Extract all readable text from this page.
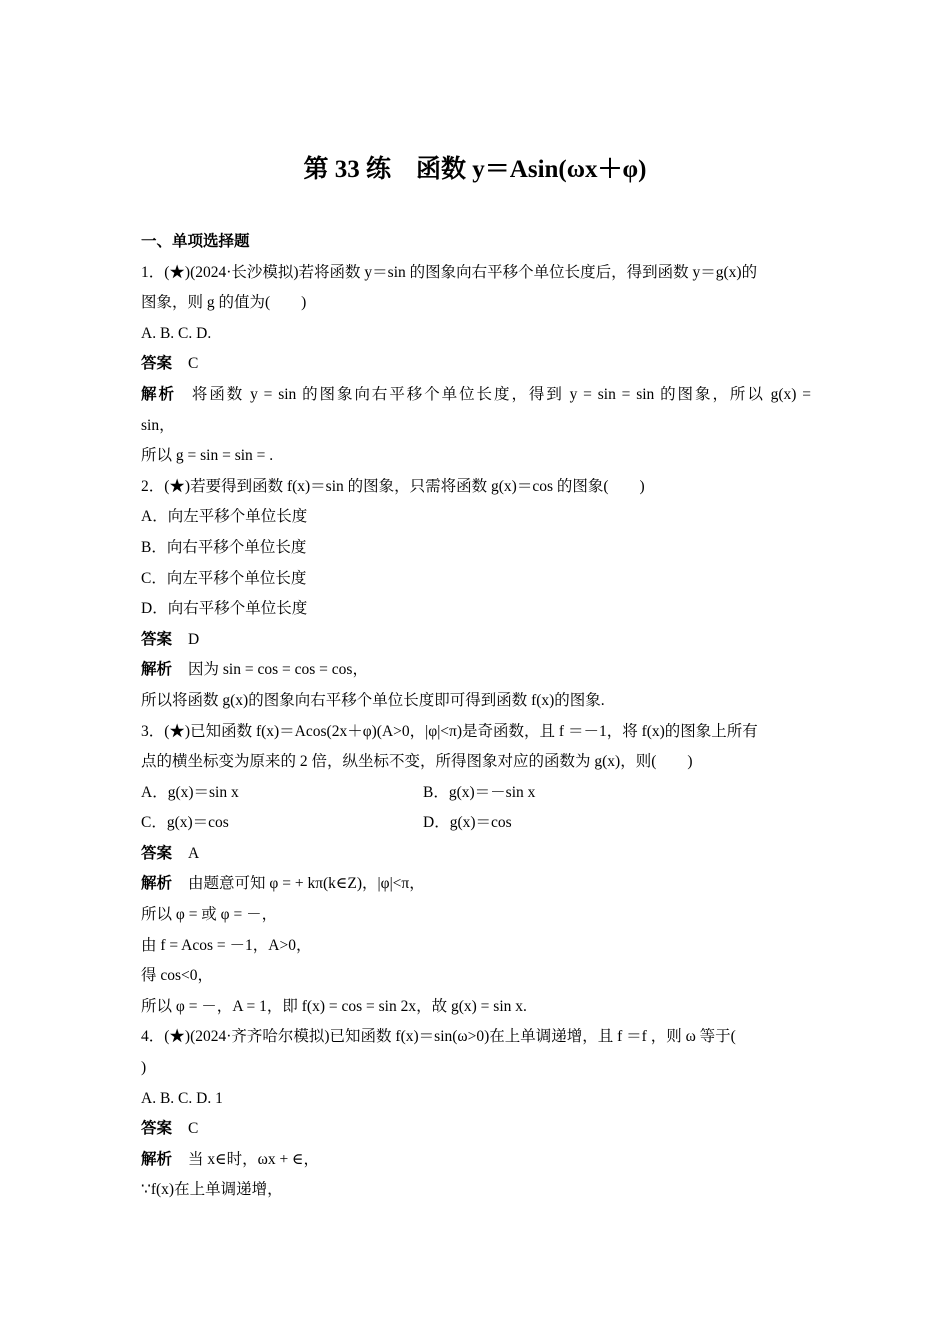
第 33 练　函数 y＝Asin(ωx＋φ)
一、单项选择题
1．(★)(2024·长沙模拟)若将函数 y＝sin 的图象向右平移个单位长度后，得到函数 y＝g(x)的
图象，则 g 的值为(　　)
A. B. C. D.
答案 C
解析 将函数 y = sin 的图象向右平移个单位长度，得到 y = sin = sin 的图象，所以 g(x) =
sin，
所以 g = sin = sin = .
2．(★)若要得到函数 f(x)＝sin 的图象，只需将函数 g(x)＝cos 的图象(　　)
A．向左平移个单位长度
B．向右平移个单位长度
C．向左平移个单位长度
D．向右平移个单位长度
答案 D
解析 因为 sin = cos = cos = cos，
所以将函数 g(x)的图象向右平移个单位长度即可得到函数 f(x)的图象.
3．(★)已知函数 f(x)＝Acos(2x＋φ)(A>0，|φ|<π)是奇函数，且 f ＝－1，将 f(x)的图象上所有
点的横坐标变为原来的 2 倍，纵坐标不变，所得图象对应的函数为 g(x)，则(　　)
A．g(x)＝sin x	B．g(x)＝－sin x
C．g(x)＝cos	D．g(x)＝cos
答案 A
解析 由题意可知 φ = + kπ(k∈Z)，|φ|<π，
所以 φ = 或 φ = －，
由 f = Acos = －1，A>0，
得 cos<0，
所以 φ = －，A = 1，即 f(x) = cos = sin 2x，故 g(x) = sin x.
4．(★)(2024·齐齐哈尔模拟)已知函数 f(x)＝sin(ω>0)在上单调递增，且 f ＝f ，则 ω 等于(
)
A. B. C. D. 1
答案 C
解析 当 x∈时，ωx + ∈，
∵f(x)在上单调递增，
